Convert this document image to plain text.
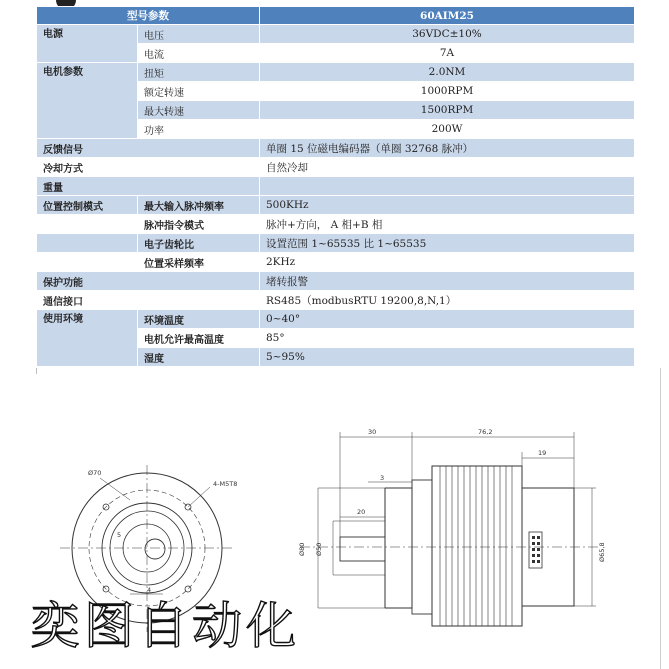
型号参数		60AIM25
电源	电压	36VDC±10%
	电流	7A
电机参数	扭矩	2.0NM
	额定转速	1000RPM
	最大转速	1500RPM
	功率	200W
反馈信号		单圈 15 位磁电编码器（单圈 32768 脉冲）
冷却方式		自然冷却
重量		
位置控制模式	最大输入脉冲频率	500KHz
	脉冲指令模式	脉冲+方向， A 相+B 相
	电子齿轮比	设置范围 1~65535 比 1~65535
	位置采样频率	2KHz
保护功能		堵转报警
通信接口		RS485（modbusRTU 19200,8,N,1）
使用环境	环境温度	0~40°
	电机允许最高温度	85°
	湿度	5~95%
Ø70
4-M5T8
5
4
30	76,2
19
3
20
Ø80 Ø50	Ø65,8
奕图自动化
